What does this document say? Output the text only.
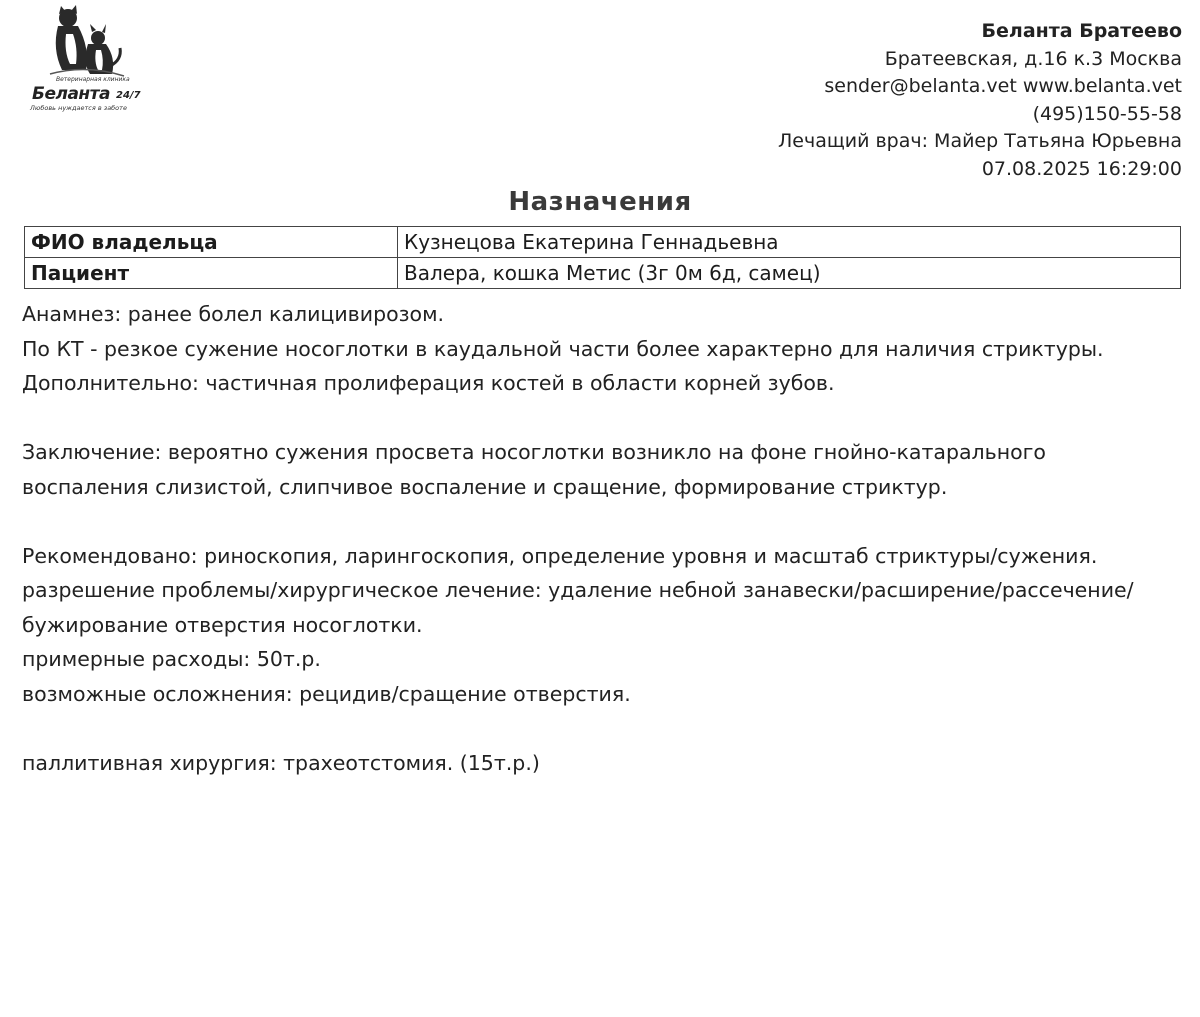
Ветеринарная клиника
Беланта 24/7
Любовь нуждается в заботе
Беланта Братеево
Братеевская, д.16 к.3 Москва
sender@belanta.vet www.belanta.vet
(495)150-55-58
Лечащий врач: Майер Татьяна Юрьевна
07.08.2025 16:29:00
Назначения
ФИО владельца	Кузнецова Екатерина Геннадьевна
Пациент	Валера, кошка Метис (3г 0м 6д, самец)

Анамнез: ранее болел калицивирозом.

По КТ - резкое сужение носоглотки в каудальной части более характерно для наличия стриктуры.

Дополнительно: частичная пролиферация костей в области корней зубов.

Заключение: вероятно сужения просвета носоглотки возникло на фоне гнойно-катарального воспаления слизистой, слипчивое воспаление и сращение, формирование стриктур.

Рекомендовано: риноскопия, ларингоскопия, определение уровня и масштаб стриктуры/сужения.

разрешение проблемы/хирургическое лечение: удаление небной занавески/расширение/рассечение/бужирование отверстия носоглотки.

примерные расходы: 50т.р.

возможные осложнения: рецидив/сращение отверстия.

паллитивная хирургия: трахеотстомия. (15т.р.)
